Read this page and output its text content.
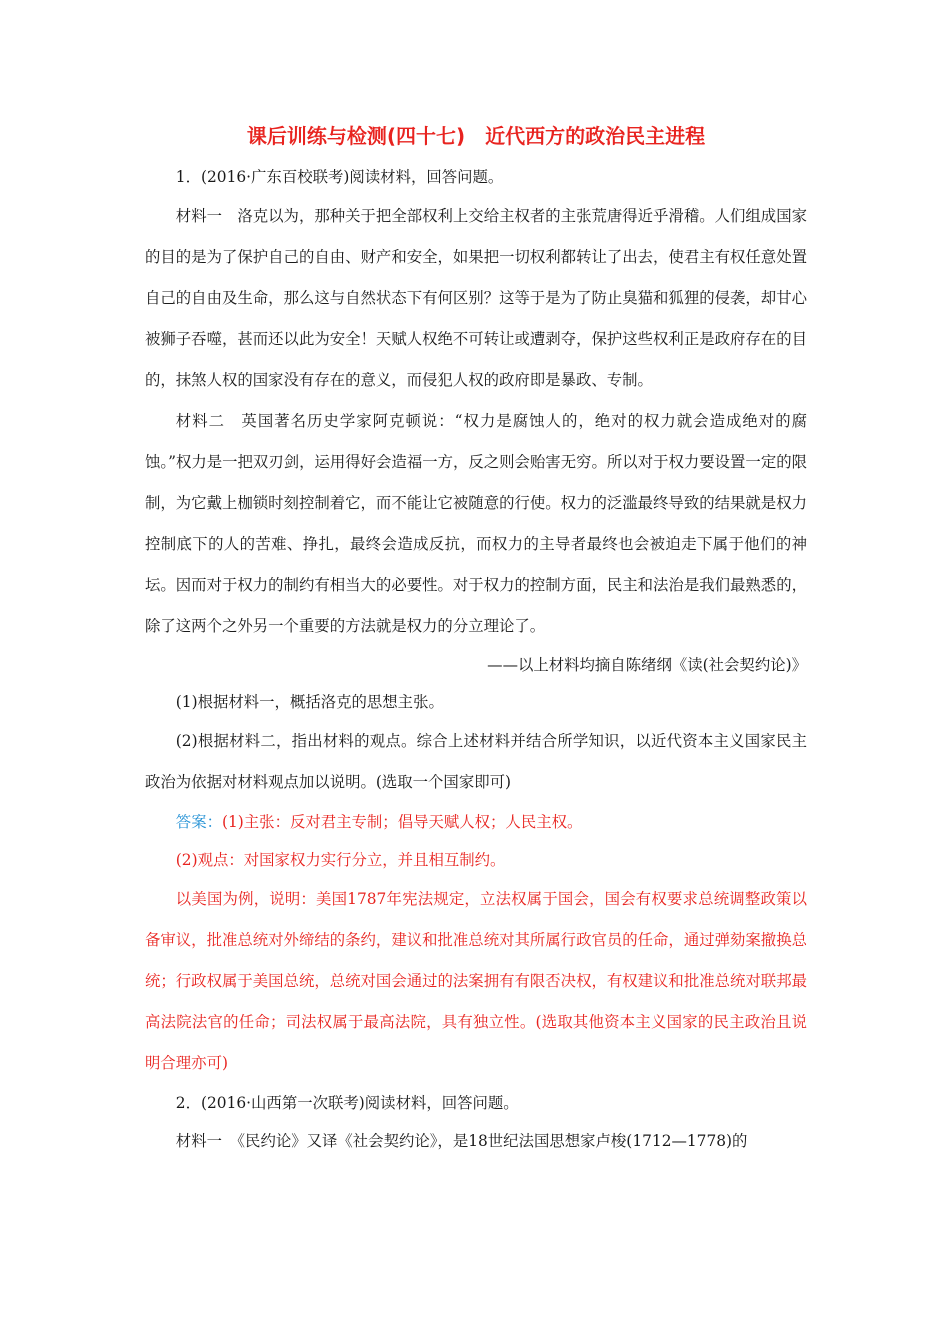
课后训练与检测(四十七)　近代西方的政治民主进程

1．(2016·广东百校联考)阅读材料，回答问题。

材料一　洛克以为，那种关于把全部权利上交给主权者的主张荒唐得近乎滑稽。人们组成国家的目的是为了保护自己的自由、财产和安全，如果把一切权利都转让了出去，使君主有权任意处置自己的自由及生命，那么这与自然状态下有何区别？这等于是为了防止臭猫和狐狸的侵袭，却甘心被狮子吞噬，甚而还以此为安全！天赋人权绝不可转让或遭剥夺，保护这些权利正是政府存在的目的，抹煞人权的国家没有存在的意义，而侵犯人权的政府即是暴政、专制。

材料二　英国著名历史学家阿克顿说：“权力是腐蚀人的，绝对的权力就会造成绝对的腐蚀。”权力是一把双刃剑，运用得好会造福一方，反之则会贻害无穷。所以对于权力要设置一定的限制，为它戴上枷锁时刻控制着它，而不能让它被随意的行使。权力的泛滥最终导致的结果就是权力控制底下的人的苦难、挣扎，最终会造成反抗，而权力的主导者最终也会被迫走下属于他们的神坛。因而对于权力的制约有相当大的必要性。对于权力的控制方面，民主和法治是我们最熟悉的，除了这两个之外另一个重要的方法就是权力的分立理论了。

——以上材料均摘自陈绪纲《读(社会契约论)》

(1)根据材料一，概括洛克的思想主张。

(2)根据材料二，指出材料的观点。综合上述材料并结合所学知识，以近代资本主义国家民主政治为依据对材料观点加以说明。(选取一个国家即可)

答案：(1)主张：反对君主专制；倡导天赋人权；人民主权。

(2)观点：对国家权力实行分立，并且相互制约。

以美国为例，说明：美国1787年宪法规定，立法权属于国会，国会有权要求总统调整政策以备审议，批准总统对外缔结的条约，建议和批准总统对其所属行政官员的任命，通过弹劾案撤换总统；行政权属于美国总统，总统对国会通过的法案拥有有限否决权，有权建议和批准总统对联邦最高法院法官的任命；司法权属于最高法院，具有独立性。(选取其他资本主义国家的民主政治且说明合理亦可)

2．(2016·山西第一次联考)阅读材料，回答问题。

材料一　《民约论》又译《社会契约论》，是18世纪法国思想家卢梭(1712—1778)的
